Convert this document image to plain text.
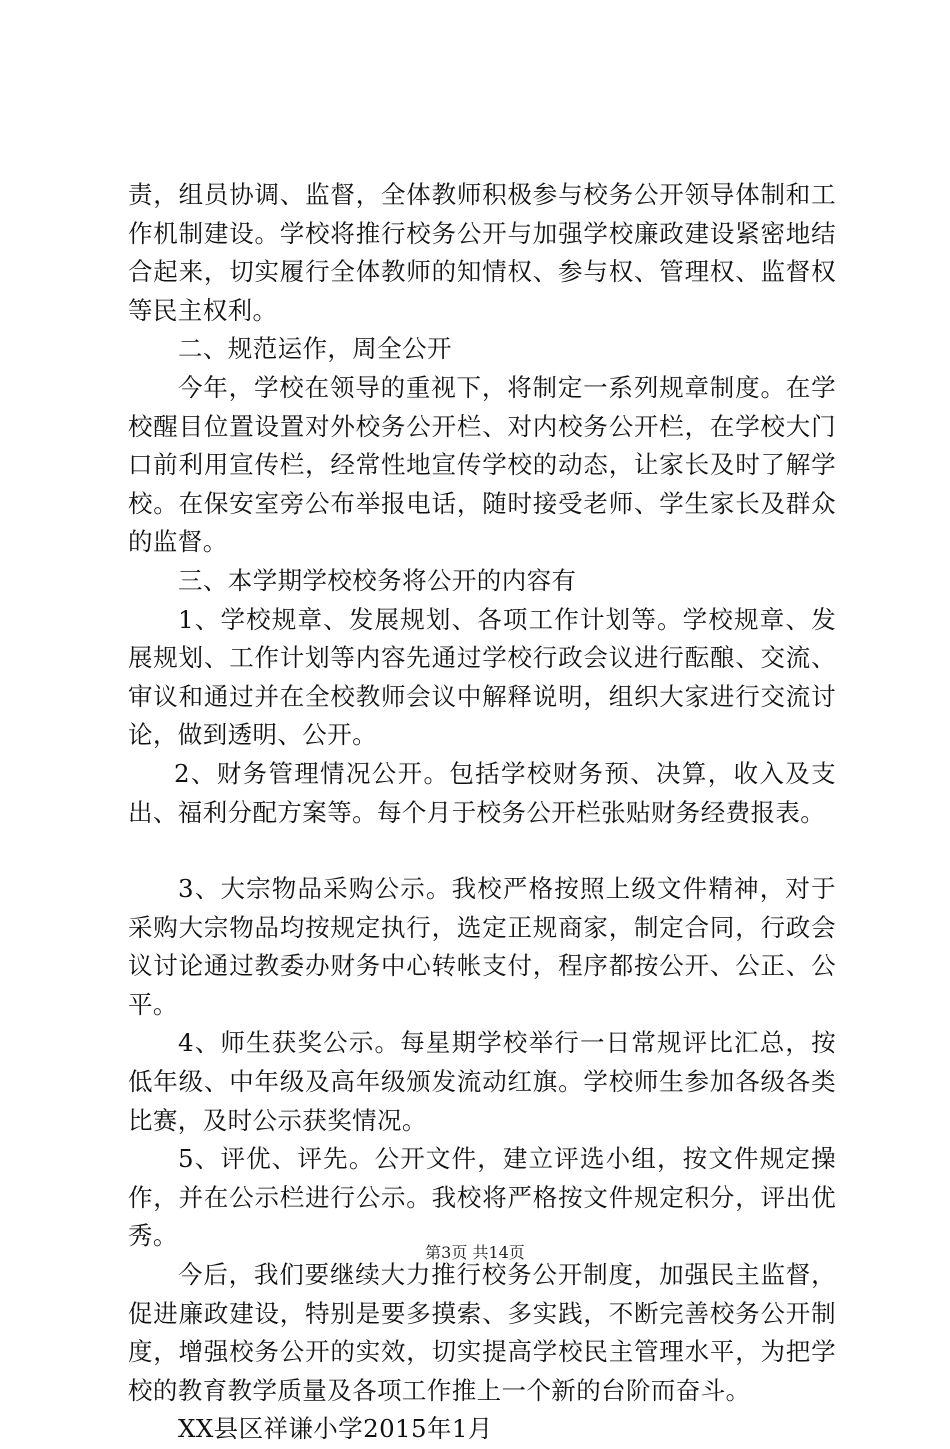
责，组员协调、监督，全体教师积极参与校务公开领导体制和工作机制建设。学校将推行校务公开与加强学校廉政建设紧密地结合起来，切实履行全体教师的知情权、参与权、管理权、监督权等民主权利。

二、规范运作，周全公开

今年，学校在领导的重视下，将制定一系列规章制度。在学校醒目位置设置对外校务公开栏、对内校务公开栏，在学校大门口前利用宣传栏，经常性地宣传学校的动态，让家长及时了解学校。在保安室旁公布举报电话，随时接受老师、学生家长及群众的监督。

三、本学期学校校务将公开的内容有

1、学校规章、发展规划、各项工作计划等。学校规章、发展规划、工作计划等内容先通过学校行政会议进行酝酿、交流、审议和通过并在全校教师会议中解释说明，组织大家进行交流讨论，做到透明、公开。

2、财务管理情况公开。包括学校财务预、决算，收入及支出、福利分配方案等。每个月于校务公开栏张贴财务经费报表。

3、大宗物品采购公示。我校严格按照上级文件精神，对于采购大宗物品均按规定执行，选定正规商家，制定合同，行政会议讨论通过教委办财务中心转帐支付，程序都按公开、公正、公平。

4、师生获奖公示。每星期学校举行一日常规评比汇总，按低年级、中年级及高年级颁发流动红旗。学校师生参加各级各类比赛，及时公示获奖情况。

5、评优、评先。公开文件，建立评选小组，按文件规定操作，并在公示栏进行公示。我校将严格按文件规定积分，评出优秀。

今后，我们要继续大力推行校务公开制度，加强民主监督，促进廉政建设，特别是要多摸索、多实践，不断完善校务公开制度，增强校务公开的实效，切实提高学校民主管理水平，为把学校的教育教学质量及各项工作推上一个新的台阶而奋斗。

XX县区祥谦小学2015年1月

第3页 共14页
